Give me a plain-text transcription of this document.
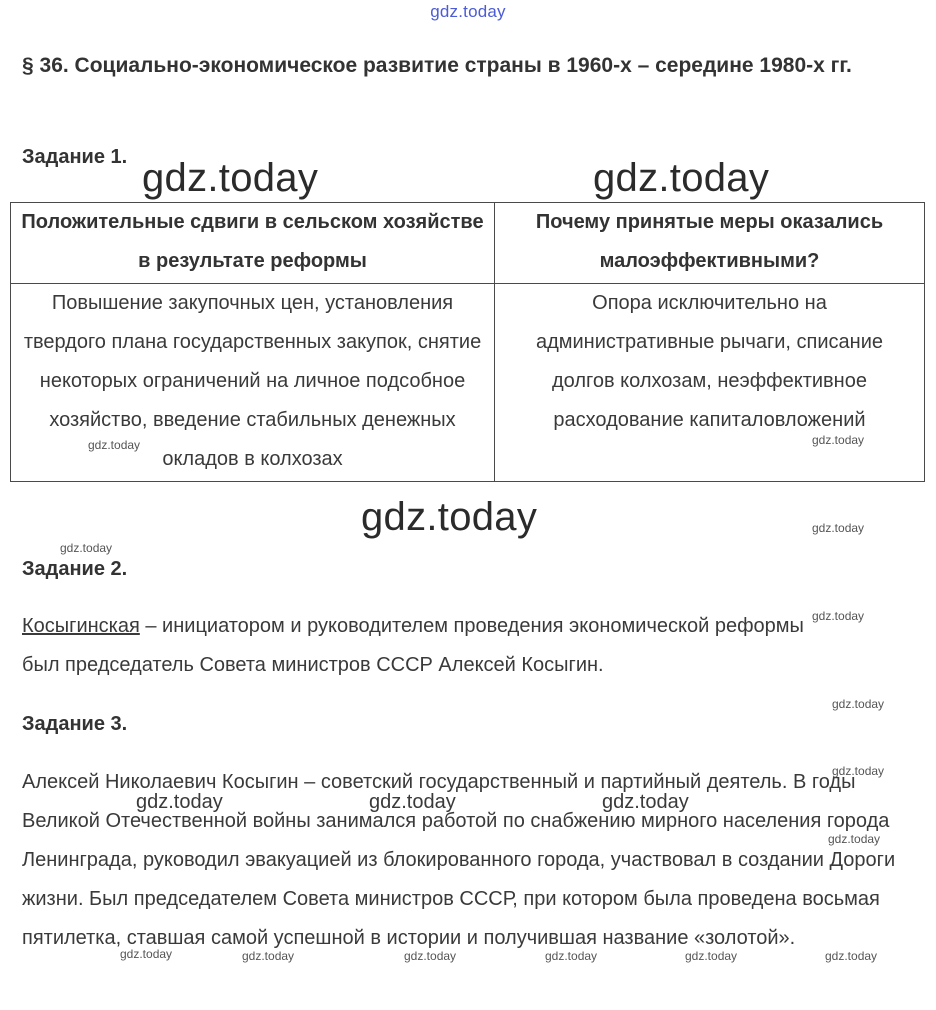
gdz.today
§ 36. Социально-экономическое развитие страны в 1960-х – середине 1980-х гг.
Задание 1. gdz.today	gdz.today
Положительные сдвиги в сельском хозяйстве в результате реформы	Почему принятые меры оказались малоэффективными?
Повышение закупочных цен, установления твердого плана государственных закупок, снятие некоторых ограничений на личное подсобное хозяйство, введение стабильных денежных окладов в колхозах	Опора исключительно на административные рычаги, списание долгов колхозам, неэффективное расходование капиталовложений
gdz.today	gdz.today
gdz.today	gdz.today
gdz.today
Задание 2.
gdz.today
Косыгинская – инициатором и руководителем проведения экономической реформы был председатель Совета министров СССР Алексей Косыгин.
gdz.today
Задание 3.
Алексей Николаевич Косыгин – советский государственный и партийный деятель. В годы Великой Отечественной войны занимался работой по снабжению мирного населения города Ленинграда, руководил эвакуацией из блокированного города, участвовал в создании Дороги жизни. Был председателем Совета министров СССР, при котором была проведена восьмая пятилетка, ставшая самой успешной в истории и получившая название «золотой».
gdz.today
gdz.today	gdz.today	gdz.today
gdz.today
gdz.today	gdz.today	gdz.today	gdz.today	gdz.today	gdz.today
